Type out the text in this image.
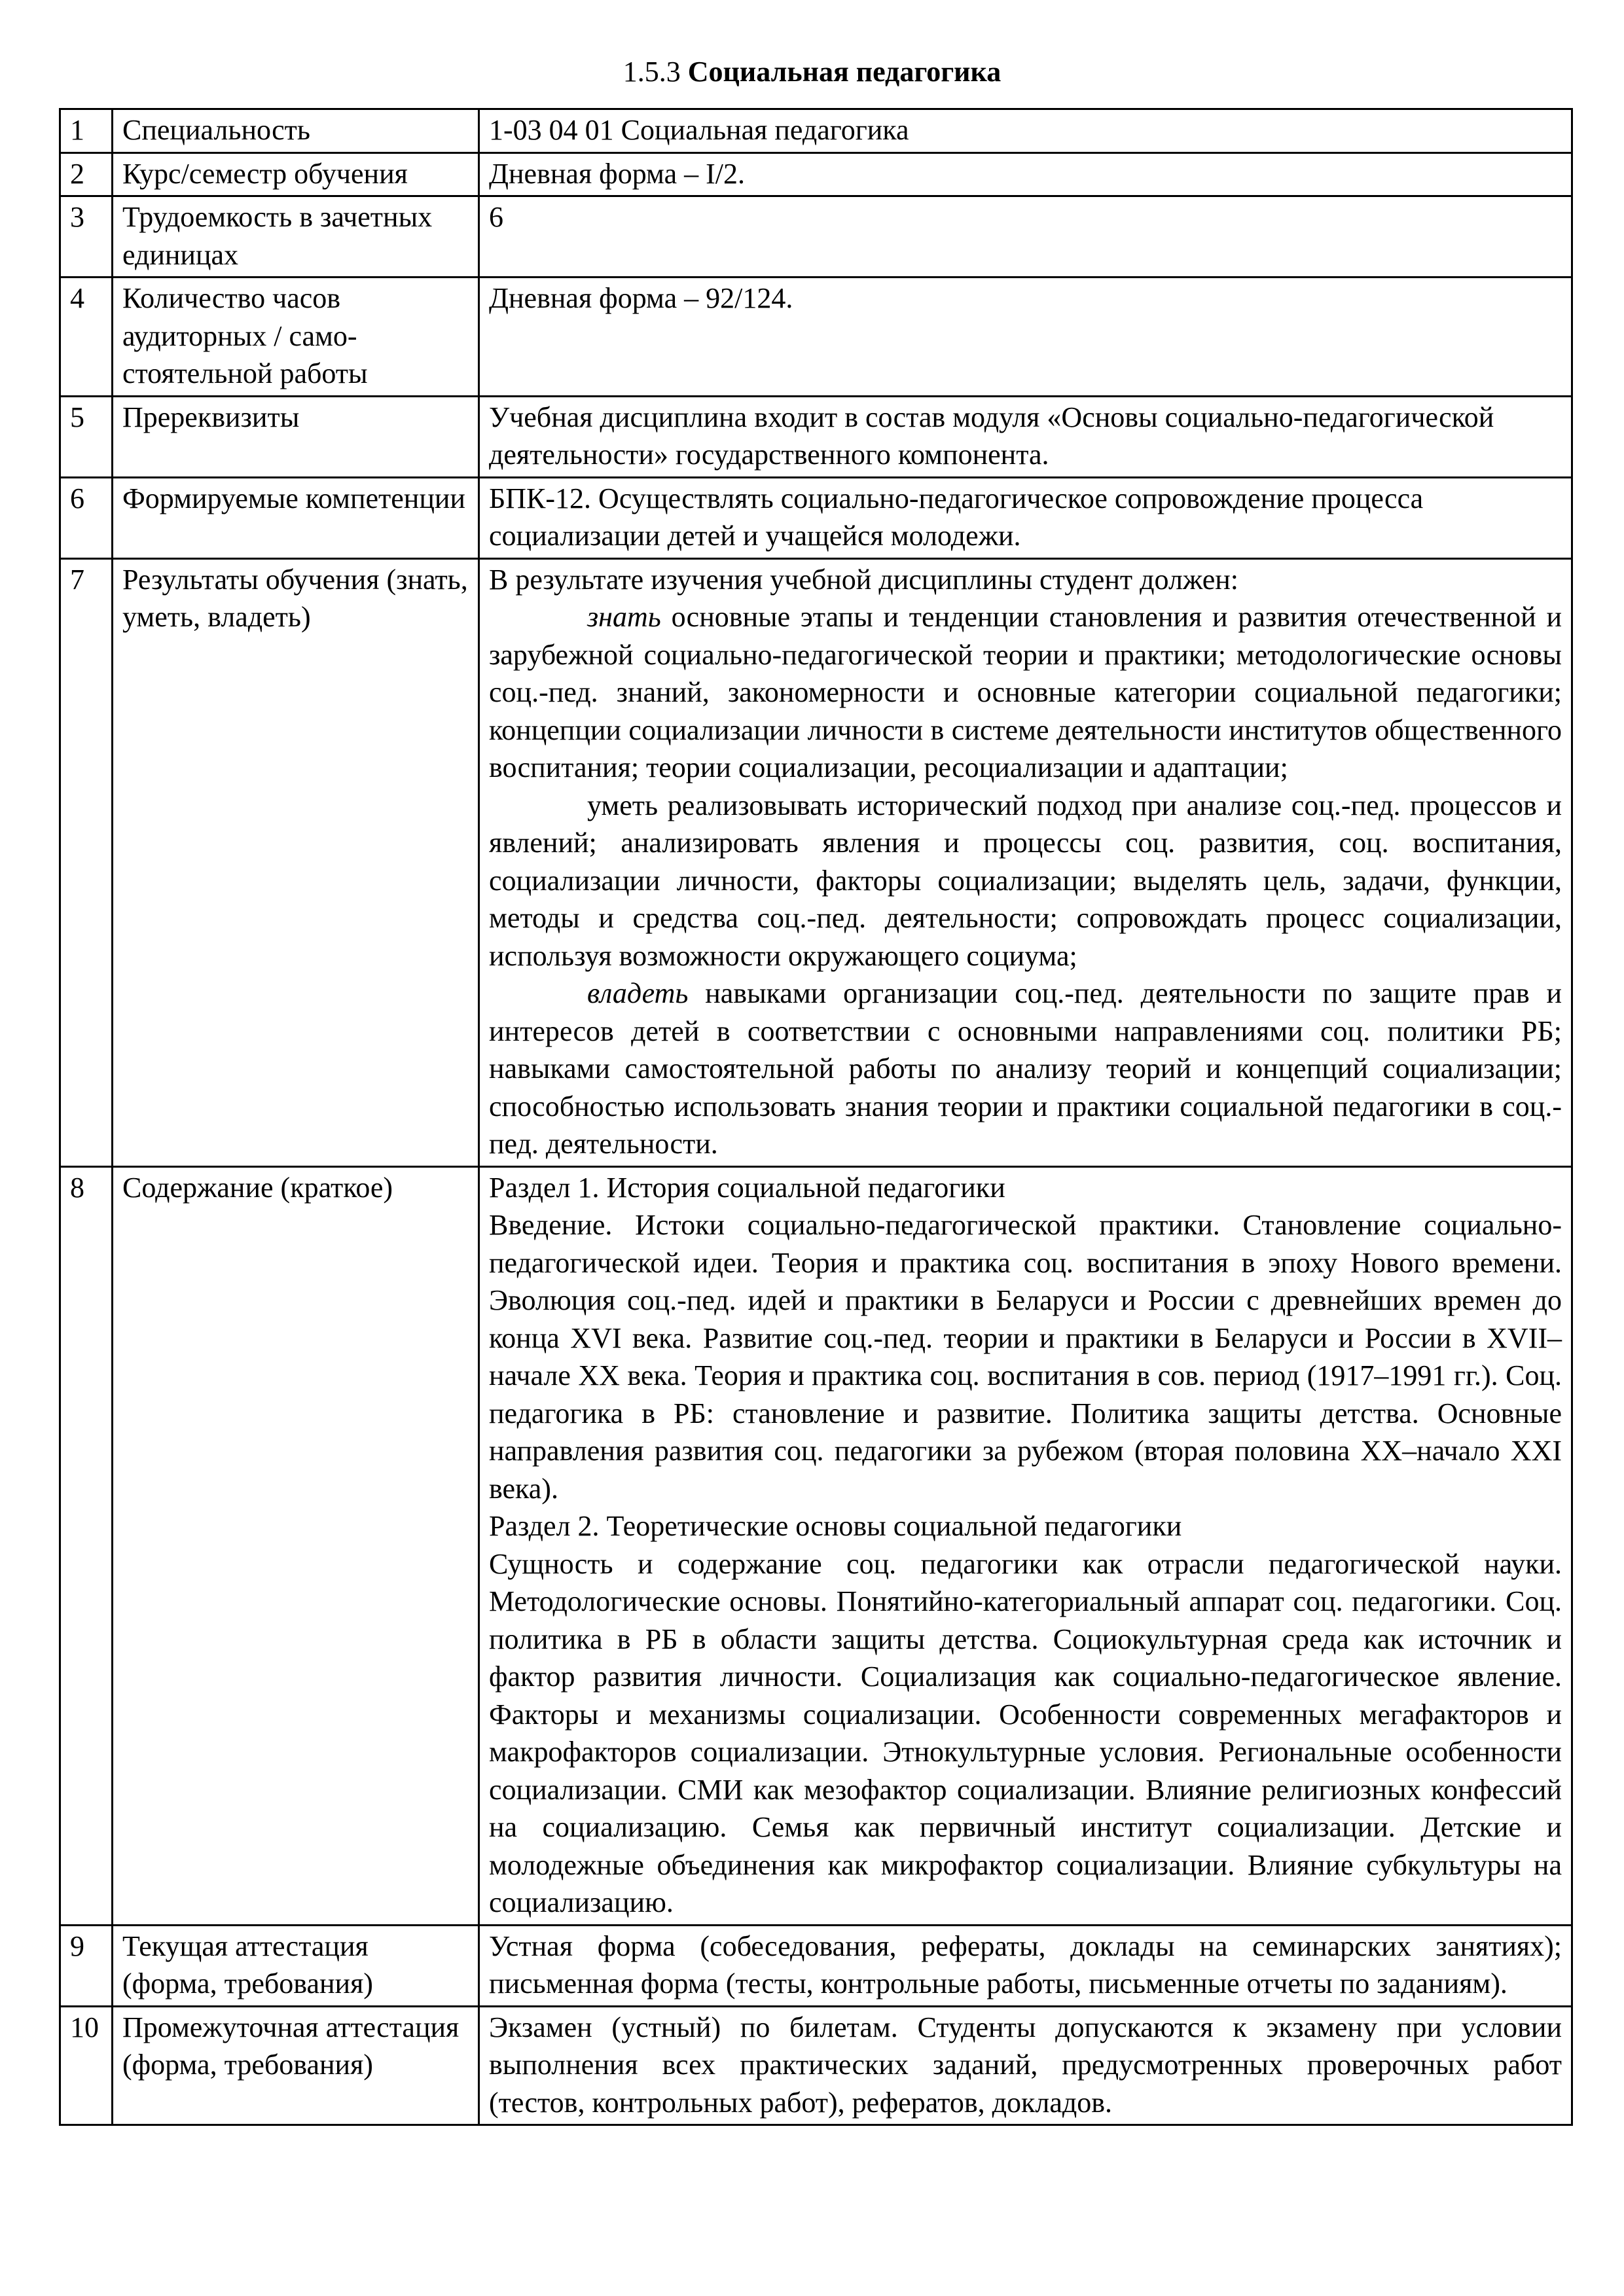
1.5.3 Социальная педагогика
1	Специальность	1-03 04 01 Социальная педагогика
2	Курс/семестр обучения	Дневная форма – I/2.
3	Трудоемкость в зачетных единицах	6
4	Количество часов аудиторных / самостоятельной работы	Дневная форма – 92/124.
5	Пререквизиты	Учебная дисциплина входит в состав модуля «Основы социально-педагогической деятельности» государственного компонента.
6	Формируемые компетенции	БПК-12. Осуществлять социально-педагогическое сопровождение процесса социализации детей и учащейся молодежи.
7	Результаты обучения (знать, уметь, владеть)	В результате изучения учебной дисциплины студент должен:
знать основные этапы и тенденции становления и развития отечественной и зарубежной социально-педагогической теории и практики; методологические основы соц.-пед. знаний, закономерности и основные категории социальной педагогики; концепции социализации личности в системе деятельности институтов общественного воспитания; теории социализации, ресоциализации и адаптации;
уметь реализовывать исторический подход при анализе соц.-пед. процессов и явлений; анализировать явления и процессы соц. развития, соц. воспитания, социализации личности, факторы социализации; выделять цель, задачи, функции, методы и средства соц.-пед. деятельности; сопровождать процесс социализации, используя возможности окружающего социума;
владеть навыками организации соц.-пед. деятельности по защите прав и интересов детей в соответствии с основными направлениями соц. политики РБ; навыками самостоятельной работы по анализу теорий и концепций социализации; способностью использовать знания теории и практики социальной педагогики в соц.-пед. деятельности.

8	Содержание (краткое)	Раздел 1. История социальной педагогики
Введение. Истоки социально-педагогической практики. Становление социально-педагогической идеи. Теория и практика соц. воспитания в эпоху Нового времени. Эволюция соц.-пед. идей и практики в Беларуси и России с древнейших времен до конца XVI века. Развитие соц.-пед. теории и практики в Беларуси и России в XVII–начале XX века. Теория и практика соц. воспитания в сов. период (1917–1991 гг.). Соц. педагогика в РБ: становление и развитие. Политика защиты детства. Основные направления развития соц. педагогики за рубежом (вторая половина XX–начало XXI века).
Раздел 2. Теоретические основы социальной педагогики
Сущность и содержание соц. педагогики как отрасли педагогической науки. Методологические основы. Понятийно-категориальный аппарат соц. педагогики. Соц. политика в РБ в области защиты детства. Социокультурная среда как источник и фактор развития личности. Социализация как социально-педагогическое явление. Факторы и механизмы социализации. Особенности современных мегафакторов и макрофакторов социализации. Этнокультурные условия. Региональные особенности социализации. СМИ как мезофактор социализации. Влияние религиозных конфессий на социализацию. Семья как первичный институт социализации. Детские и молодежные объединения как микрофактор социализации. Влияние субкультуры на социализацию.

9	Текущая аттестация (форма, требования)	Устная форма (собеседования, рефераты, доклады на семинарских занятиях); письменная форма (тесты, контрольные работы, письменные отчеты по заданиям).
10	Промежуточная аттестация (форма, требования)	Экзамен (устный) по билетам. Студенты допускаются к экзамену при условии выполнения всех практических заданий, предусмотренных проверочных работ (тестов, контрольных работ), рефератов, докладов.
